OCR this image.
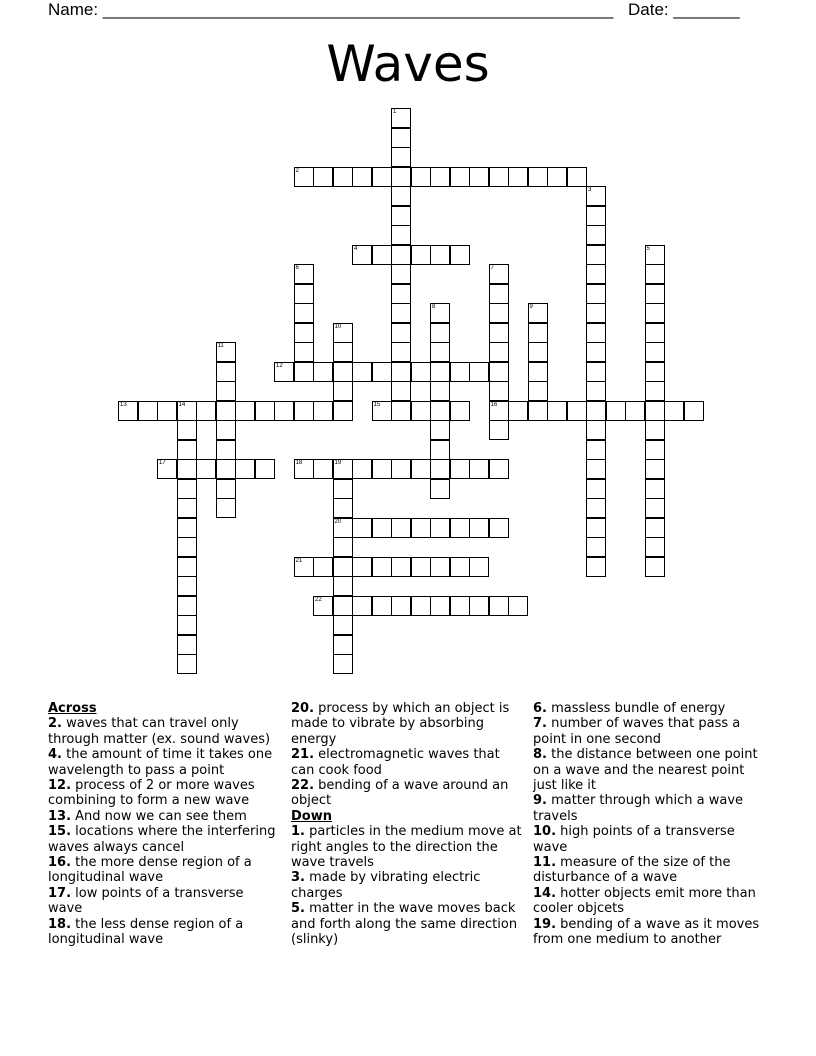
Name: ______________________________________________________ Date: _______
Waves
1
2
3
4	5
6	7
16
8	9
10
11
12
13	14	15
17	18	19
20
21
22
Across
2. waves that can travel only through matter (ex. sound waves)
4. the amount of time it takes one wavelength to pass a point
12. process of 2 or more waves combining to form a new wave
13. And now we can see them
15. locations where the interfering waves always cancel
16. the more dense region of a longitudinal wave
17. low points of a transverse wave
18. the less dense region of a longitudinal wave
20. process by which an object is made to vibrate by absorbing energy
21. electromagnetic waves that can cook food
22. bending of a wave around an object
Down
1. particles in the medium move at right angles to the direction the wave travels
3. made by vibrating electric charges
5. matter in the wave moves back and forth along the same direction (slinky)
6. massless bundle of energy
7. number of waves that pass a point in one second
8. the distance between one point on a wave and the nearest point just like it
9. matter through which a wave travels
10. high points of a transverse wave
11. measure of the size of the disturbance of a wave
14. hotter objects emit more than cooler objcets
19. bending of a wave as it moves from one medium to another
